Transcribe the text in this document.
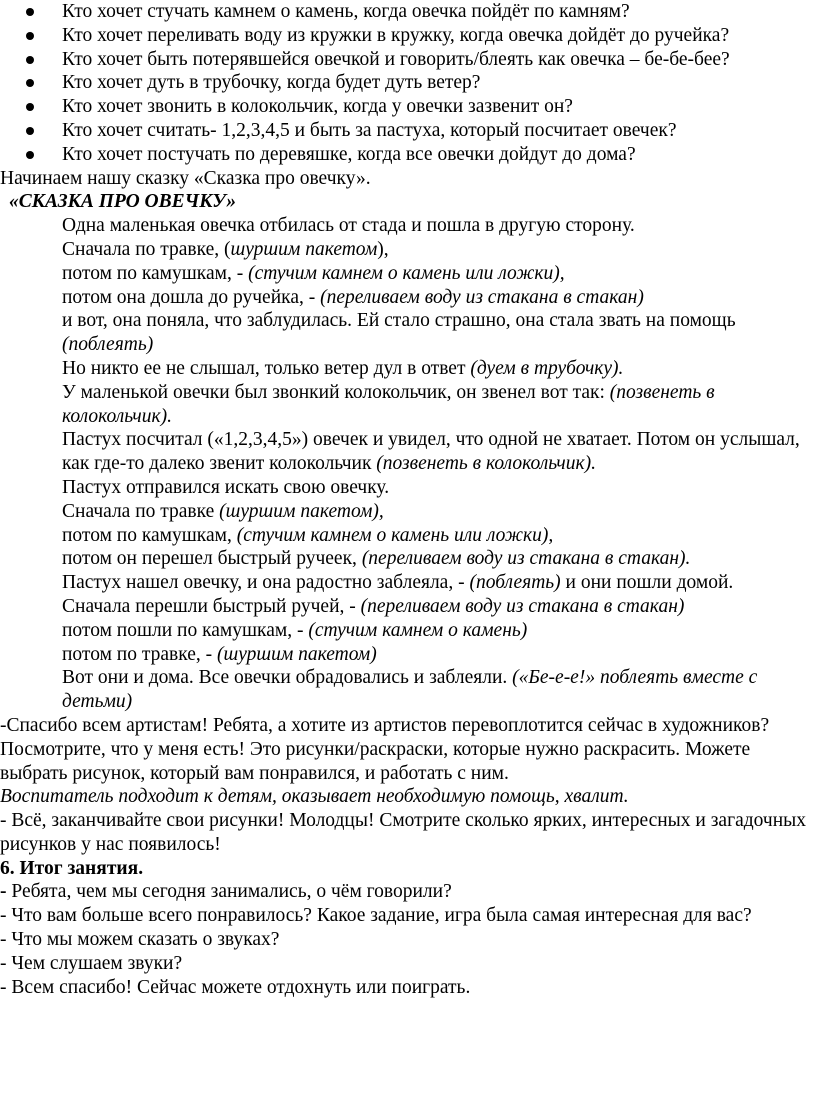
Кто хочет стучать камнем о камень, когда овечка пойдёт по камням?
Кто хочет переливать воду из кружки в кружку, когда овечка дойдёт до ручейка?
Кто хочет быть потерявшейся овечкой и говорить/блеять как овечка – бе-бе-бее?
Кто хочет дуть в трубочку, когда будет дуть ветер?
Кто хочет звонить в колокольчик, когда у овечки зазвенит он?
Кто хочет считать- 1,2,3,4,5 и быть за пастуха, который посчитает овечек?
Кто хочет постучать по деревяшке, когда все овечки дойдут до дома?

Начинаем нашу сказку «Сказка про овечку».

«СКАЗКА ПРО ОВЕЧКУ»

Одна маленькая овечка отбилась от стада и пошла в другую сторону.

Сначала по травке, (шуршим пакетом),

потом по камушкам, - (стучим камнем о камень или ложки),

потом она дошла до ручейка, - (переливаем воду из стакана в стакан)

и вот, она поняла, что заблудилась. Ей стало страшно, она стала звать на помощь (поблеять)

Но никто ее не слышал, только ветер дул в ответ (дуем в трубочку).

У маленькой овечки был звонкий колокольчик, он звенел вот так: (позвенеть в колокольчик).

Пастух посчитал («1,2,3,4,5») овечек и увидел, что одной не хватает. Потом он услышал, как где-то далеко звенит колокольчик (позвенеть в колокольчик).

Пастух отправился искать свою овечку.

Сначала по травке (шуршим пакетом),

потом по камушкам, (стучим камнем о камень или ложки),

потом он перешел быстрый ручеек, (переливаем воду из стакана в стакан).

Пастух нашел овечку, и она радостно заблеяла, - (поблеять) и они пошли домой.

Сначала перешли быстрый ручей, - (переливаем воду из стакана в стакан)

потом пошли по камушкам, - (стучим камнем о камень)

потом по травке, - (шуршим пакетом)

Вот они и дома. Все овечки обрадовались и заблеяли. («Бе-е-е!» поблеять вместе с детьми)

-Спасибо всем артистам! Ребята, а хотите из артистов перевоплотится сейчас в художников? Посмотрите, что у меня есть! Это рисунки/раскраски, которые нужно раскрасить. Можете выбрать рисунок, который вам понравился, и работать с ним.

Воспитатель подходит к детям, оказывает необходимую помощь, хвалит.

- Всё, заканчивайте свои рисунки! Молодцы! Смотрите сколько ярких, интересных и загадочных рисунков у нас появилось!

6. Итог занятия.

- Ребята, чем мы сегодня занимались, о чём говорили?

- Что вам больше всего понравилось? Какое задание, игра была самая интересная для вас?

- Что мы можем сказать о звуках?

- Чем слушаем звуки?

- Всем спасибо! Сейчас можете отдохнуть или поиграть.
